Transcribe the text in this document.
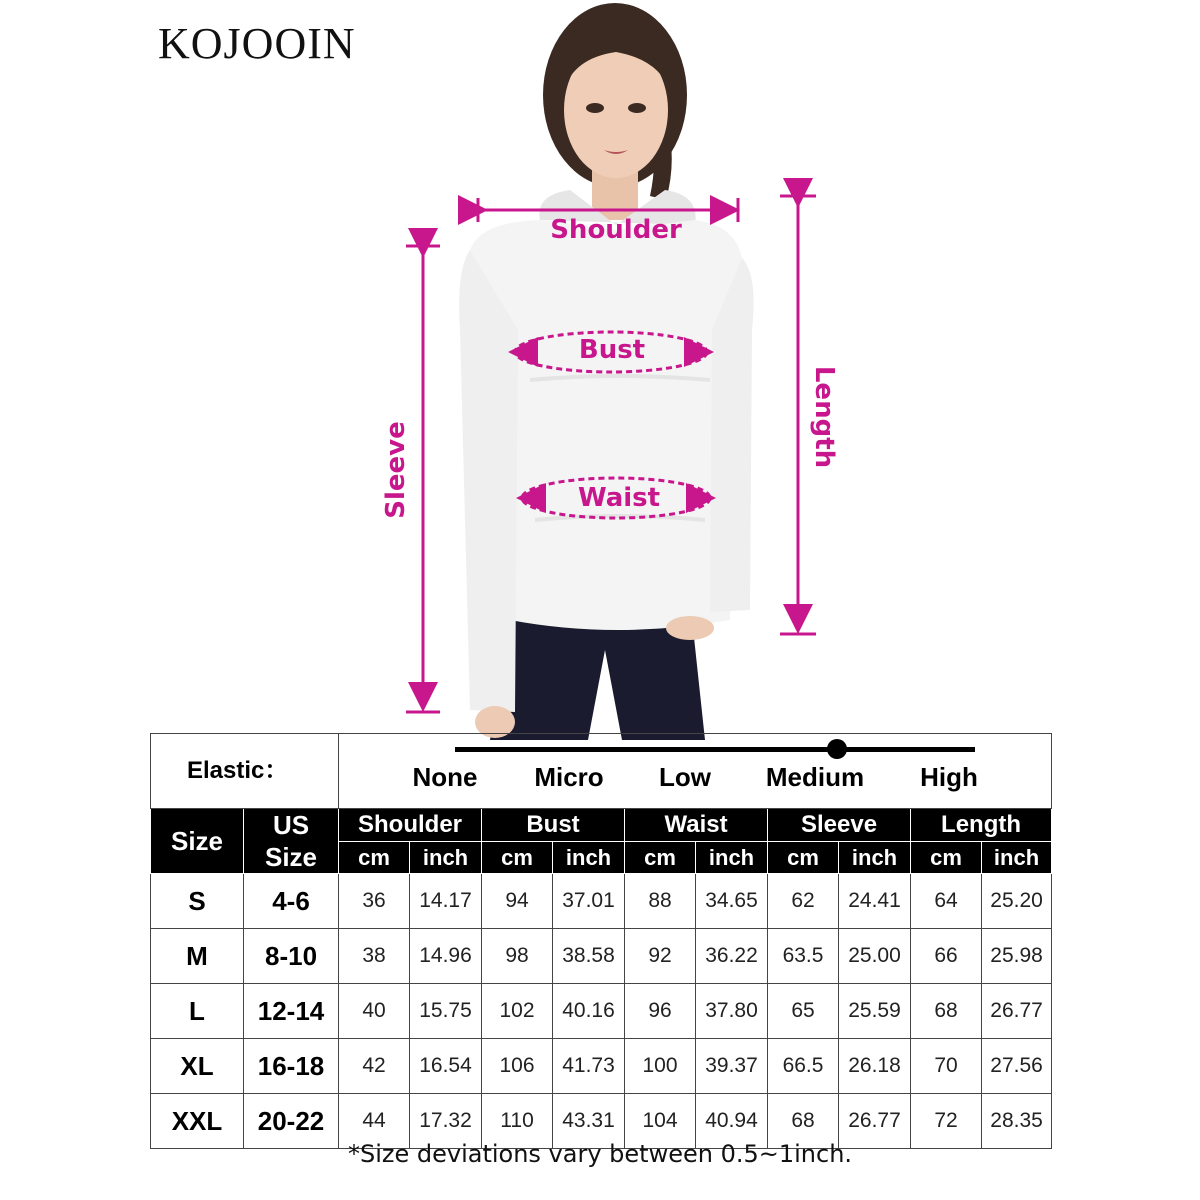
KOJOOIN
Shoulder
Bust
Waist
Sleeve
Length
Elastic：		None Micro Low Medium High									

Size	US
Size	Shoulder		Bust		Waist		Sleeve		Length	
		cm	inch	cm	inch	cm	inch	cm	inch	cm	inch
S	4-6	36	14.17	94	37.01	88	34.65	62	24.41	64	25.20
M	8-10	38	14.96	98	38.58	92	36.22	63.5	25.00	66	25.98
L	12-14	40	15.75	102	40.16	96	37.80	65	25.59	68	26.77
XL	16-18	42	16.54	106	41.73	100	39.37	66.5	26.18	70	27.56
XXL	20-22	44	17.32	110	43.31	104	40.94	68	26.77	72	28.35
*Size deviations vary between 0.5~1inch.
